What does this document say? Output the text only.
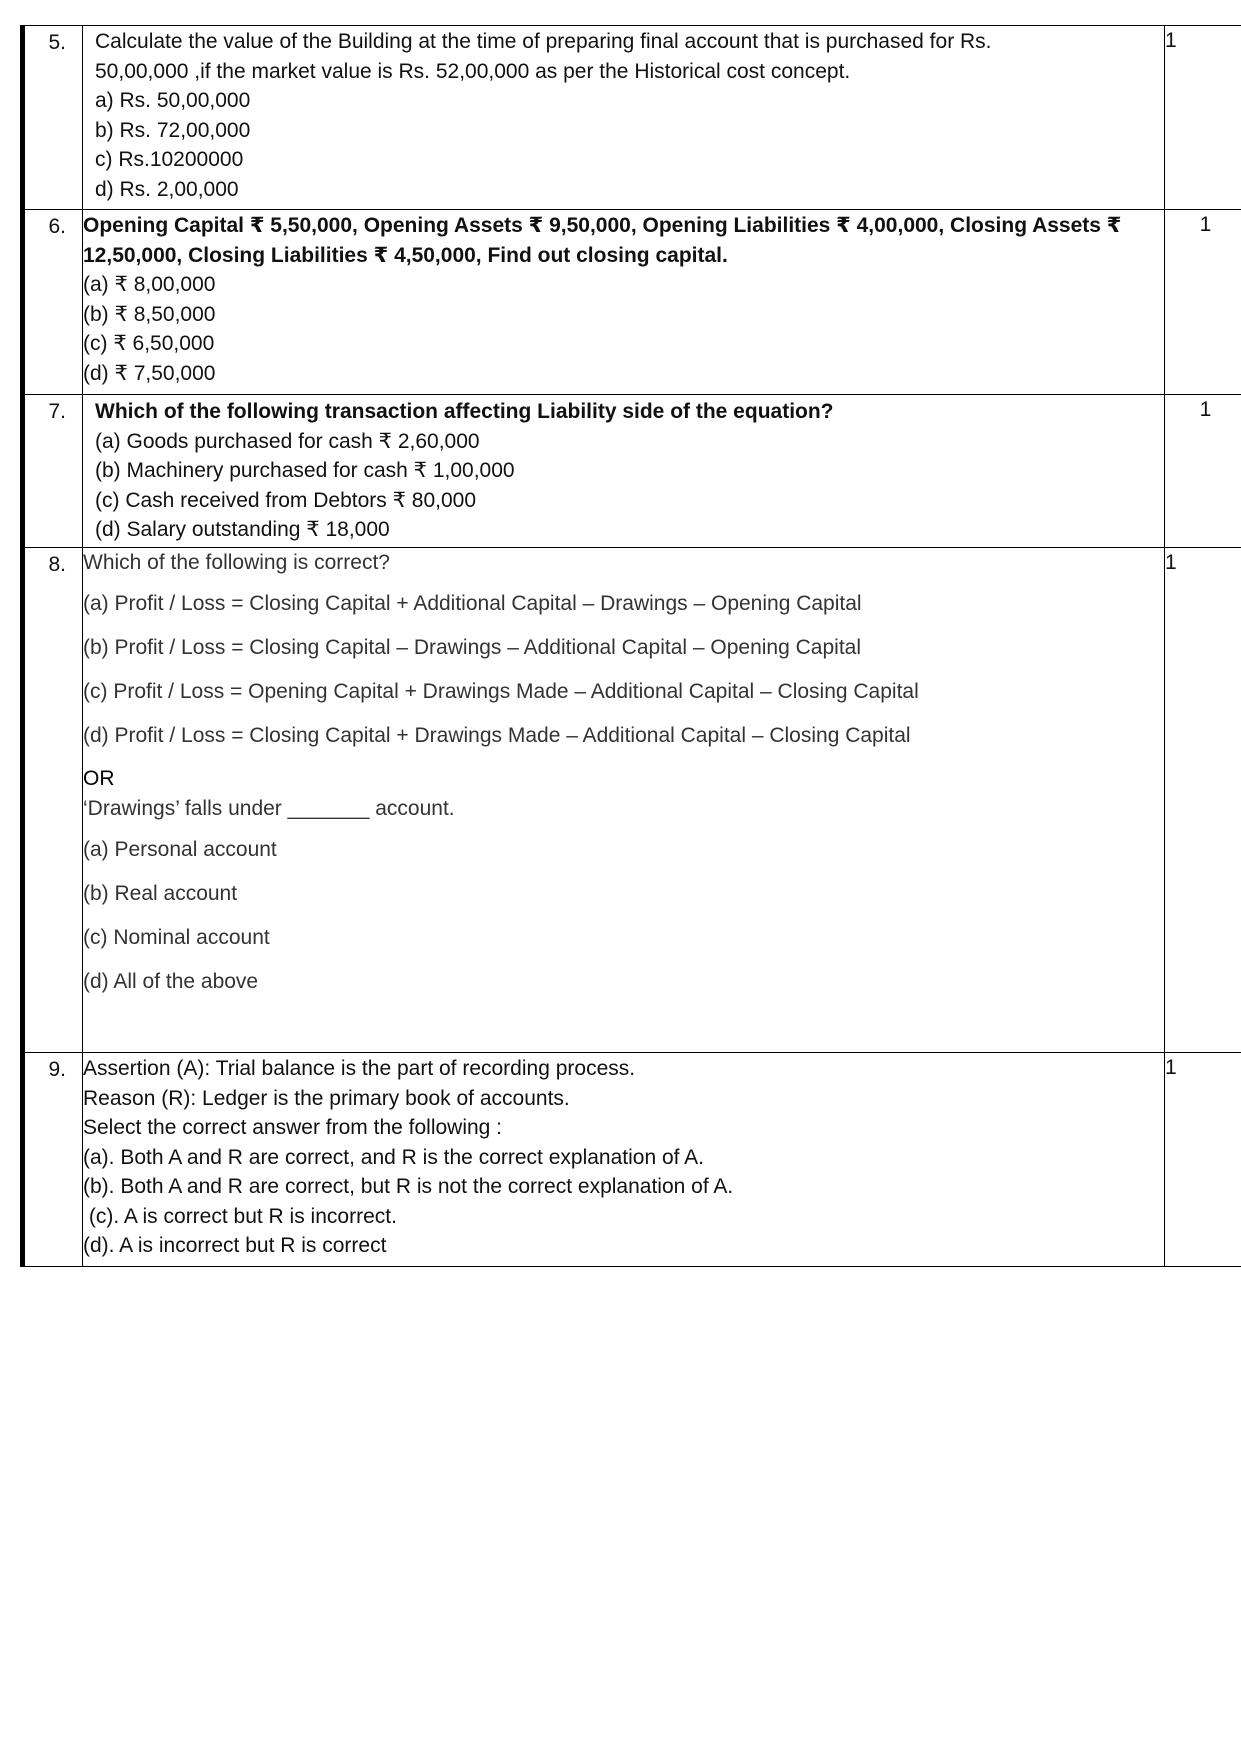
5.	Calculate the value of the Building at the time of preparing final account that is purchased for Rs.
50,00,000 ,if the market value is Rs. 52,00,000 as per the Historical cost concept.
a) Rs. 50,00,000
b) Rs. 72,00,000
c) Rs.10200000
d) Rs. 2,00,000
1
6. Opening Capital ₹ 5,50,000, Opening Assets ₹ 9,50,000, Opening Liabilities ₹ 4,00,000, Closing Assets ₹
12,50,000, Closing Liabilities ₹ 4,50,000, Find out closing capital.
(a) ₹ 8,00,000
(b) ₹ 8,50,000
(c) ₹ 6,50,000
(d) ₹ 7,50,000
1
7.	Which of the following transaction affecting Liability side of the equation?
(a) Goods purchased for cash ₹ 2,60,000
(b) Machinery purchased for cash ₹ 1,00,000
(c) Cash received from Debtors ₹ 80,000
(d) Salary outstanding ₹ 18,000
1
8. Which of the following is correct?
(a) Profit / Loss = Closing Capital + Additional Capital – Drawings – Opening Capital
(b) Profit / Loss = Closing Capital – Drawings – Additional Capital – Opening Capital
(c) Profit / Loss = Opening Capital + Drawings Made – Additional Capital – Closing Capital
(d) Profit / Loss = Closing Capital + Drawings Made – Additional Capital – Closing Capital
OR
‘Drawings’ falls under _______ account.
(a) Personal account
(b) Real account
(c) Nominal account
(d) All of the above
1
9. Assertion (A): Trial balance is the part of recording process.
Reason (R): Ledger is the primary book of accounts.
Select the correct answer from the following :
(a). Both A and R are correct, and R is the correct explanation of A.
(b). Both A and R are correct, but R is not the correct explanation of A.
(c). A is correct but R is incorrect.
(d). A is incorrect but R is correct
1
